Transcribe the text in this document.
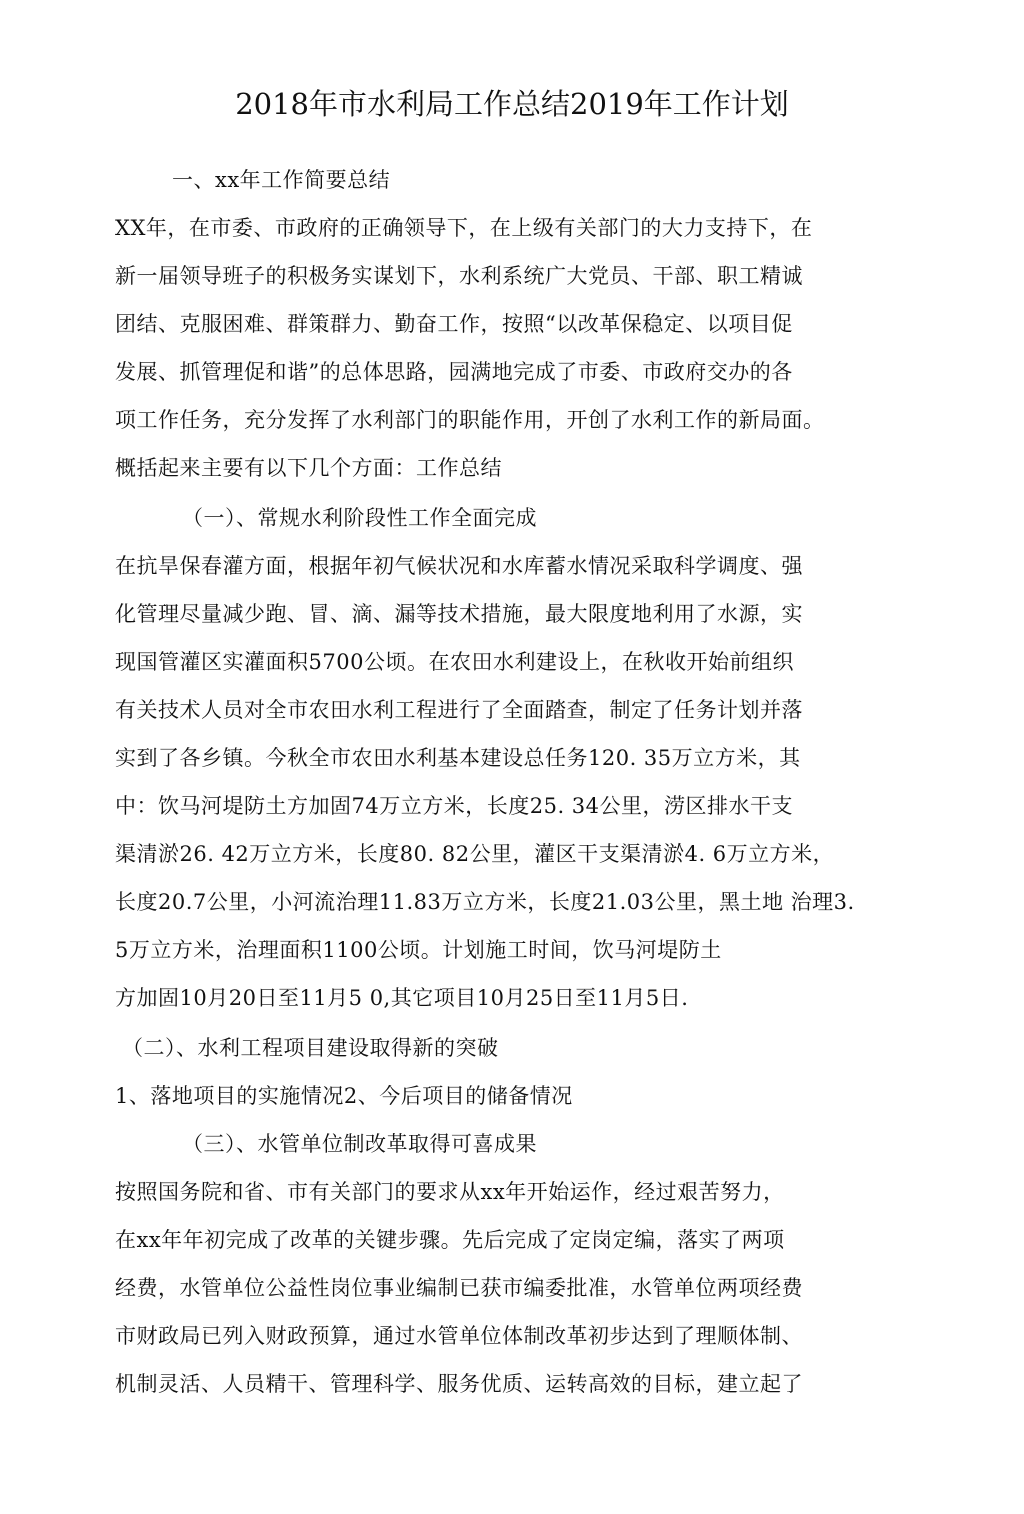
2018年市水利局工作总结2019年工作计划
一、xx年工作简要总结
XX年，在市委、市政府的正确领导下，在上级有关部门的大力支持下，在
新一届领导班子的积极务实谋划下，水利系统广大党员、干部、职工精诚
团结、克服困难、群策群力、勤奋工作，按照“以改革保稳定、以项目促
发展、抓管理促和谐”的总体思路，园满地完成了市委、市政府交办的各
项工作任务，充分发挥了水利部门的职能作用，开创了水利工作的新局面。
概括起来主要有以下几个方面：工作总结
（一）、常规水利阶段性工作全面完成
在抗旱保春灌方面，根据年初气候状况和水库蓄水情况采取科学调度、强
化管理尽量减少跑、冒、滴、漏等技术措施，最大限度地利用了水源，实
现国管灌区实灌面积5700公顷。在农田水利建设上，在秋收开始前组织
有关技术人员对全市农田水利工程进行了全面踏查，制定了任务计划并落
实到了各乡镇。今秋全市农田水利基本建设总任务120. 35万立方米，其
中：饮马河堤防土方加固74万立方米，长度25. 34公里，涝区排水干支
渠清淤26. 42万立方米，长度80. 82公里，灌区干支渠清淤4. 6万立方米，
长度20.7公里，小河流治理11.83万立方米，长度21.03公里，黑土地 治理3.
5万立方米，治理面积1100公顷。计划施工时间，饮马河堤防土
方加固10月20日至11月5 0,其它项目10月25日至11月5日.
（二）、水利工程项目建设取得新的突破
1、落地项目的实施情况2、今后项目的储备情况
（三）、水管单位制改革取得可喜成果
按照国务院和省、市有关部门的要求从xx年开始运作，经过艰苦努力，
在xx年年初完成了改革的关键步骤。先后完成了定岗定编，落实了两项
经费，水管单位公益性岗位事业编制已获市编委批准，水管单位两项经费
市财政局已列入财政预算，通过水管单位体制改革初步达到了理顺体制、
机制灵活、人员精干、管理科学、服务优质、运转高效的目标，建立起了
